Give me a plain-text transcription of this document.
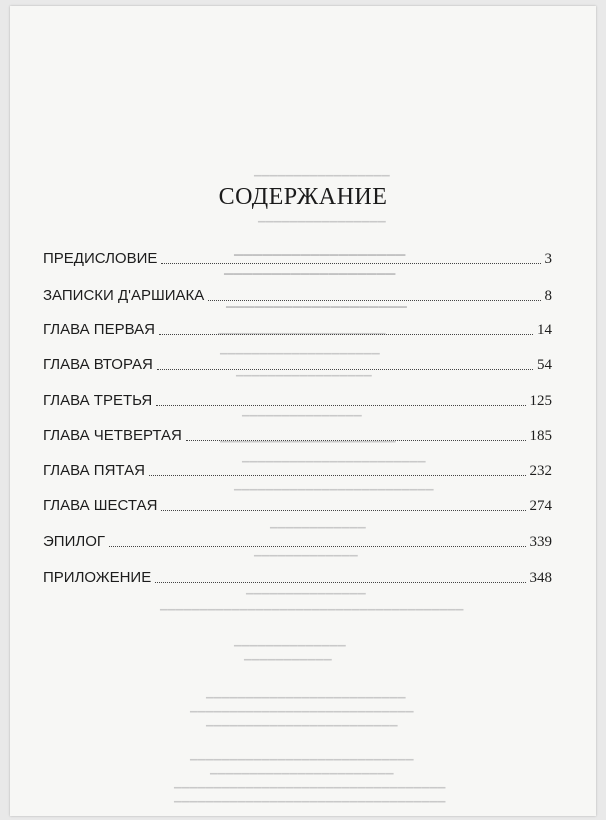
▁▁▁▁▁▁▁▁▁▁▁▁▁▁▁▁▁
▁▁▁▁▁▁▁▁▁▁▁▁▁▁▁▁
▁▁▁▁▁▁▁▁▁▁▁▁▁▁▁▁▁▁
▁▁▁▁▁▁▁▁▁▁▁▁▁▁▁▁▁▁
▁▁▁▁▁▁▁▁▁▁▁▁▁▁▁▁▁▁▁
▁▁▁▁▁▁▁▁▁▁▁▁▁▁▁▁▁▁▁▁▁
▁▁▁▁▁▁▁▁▁▁▁▁▁▁▁▁▁▁▁▁
▁▁▁▁▁▁▁▁▁▁▁▁▁▁▁▁▁
▁▁▁▁▁▁▁▁▁▁▁▁▁▁▁
▁▁▁▁▁▁▁▁▁▁▁▁▁▁▁▁▁▁▁▁▁▁
▁▁▁▁▁▁▁▁▁▁▁▁▁▁▁▁▁▁▁▁▁▁▁
▁▁▁▁▁▁▁▁▁▁▁▁▁▁▁▁▁▁▁▁▁▁▁▁▁
▁▁▁▁▁▁▁▁▁▁▁▁
▁▁▁▁▁▁▁▁▁▁▁▁▁
▁▁▁▁▁▁▁▁▁▁▁▁▁▁▁
▁▁▁▁▁▁▁▁▁▁▁▁▁▁▁▁▁▁▁▁▁▁▁▁▁▁▁▁▁▁▁▁▁▁▁▁▁▁
▁▁▁▁▁▁▁▁▁▁▁▁▁▁
▁▁▁▁▁▁▁▁▁▁▁
▁▁▁▁▁▁▁▁▁▁▁▁▁▁▁▁▁▁▁▁▁▁▁▁▁
▁▁▁▁▁▁▁▁▁▁▁▁▁▁▁▁▁▁▁▁▁▁▁▁▁▁▁▁
▁▁▁▁▁▁▁▁▁▁▁▁▁▁▁▁▁▁▁▁▁▁▁▁
▁▁▁▁▁▁▁▁▁▁▁▁▁▁▁▁▁▁▁▁▁▁▁▁▁▁▁▁
▁▁▁▁▁▁▁▁▁▁▁▁▁▁▁▁▁▁▁▁▁▁▁
▁▁▁▁▁▁▁▁▁▁▁▁▁▁▁▁▁▁▁▁▁▁▁▁▁▁▁▁▁▁▁▁▁▁
▁▁▁▁▁▁▁▁▁▁▁▁▁▁▁▁▁▁▁▁▁▁▁▁▁▁▁▁▁▁▁▁▁▁
СОДЕРЖАНИЕ
ПРЕДИСЛОВИЕ	3
ЗАПИСКИ Д'АРШИАКА	8
ГЛАВА ПЕРВАЯ	14
ГЛАВА ВТОРАЯ	54
ГЛАВА ТРЕТЬЯ	125
ГЛАВА ЧЕТВЕРТАЯ	185
ГЛАВА ПЯТАЯ	232
ГЛАВА ШЕСТАЯ	274
ЭПИЛОГ	339
ПРИЛОЖЕНИЕ	348
